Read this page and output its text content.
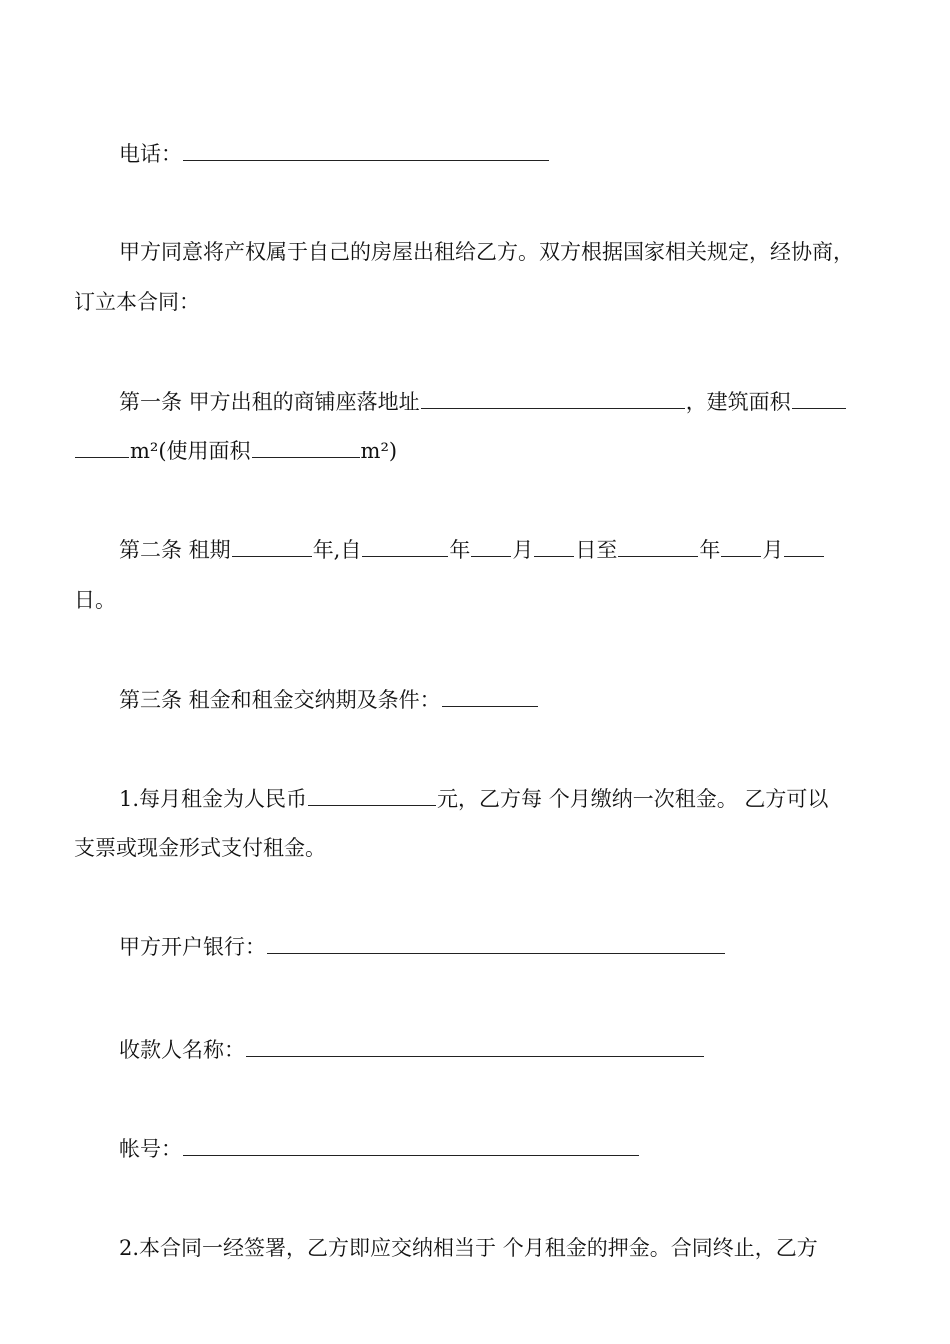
电话：
甲方同意将产权属于自己的房屋出租给乙方。双方根据国家相关规定，经协商，
订立本合同：
第一条 甲方出租的商铺座落地址	，建筑面积
m²(使用面积	m²)
第二条 租期	年,自	年 月 日至	年 月
日。
第三条 租金和租金交纳期及条件：
1.每月租金为人民币	元，乙方每 个月缴纳一次租金。 乙方可以
支票或现金形式支付租金。
甲方开户银行：
收款人名称：
帐号：
2.本合同一经签署，乙方即应交纳相当于 个月租金的押金。合同终止，乙方
